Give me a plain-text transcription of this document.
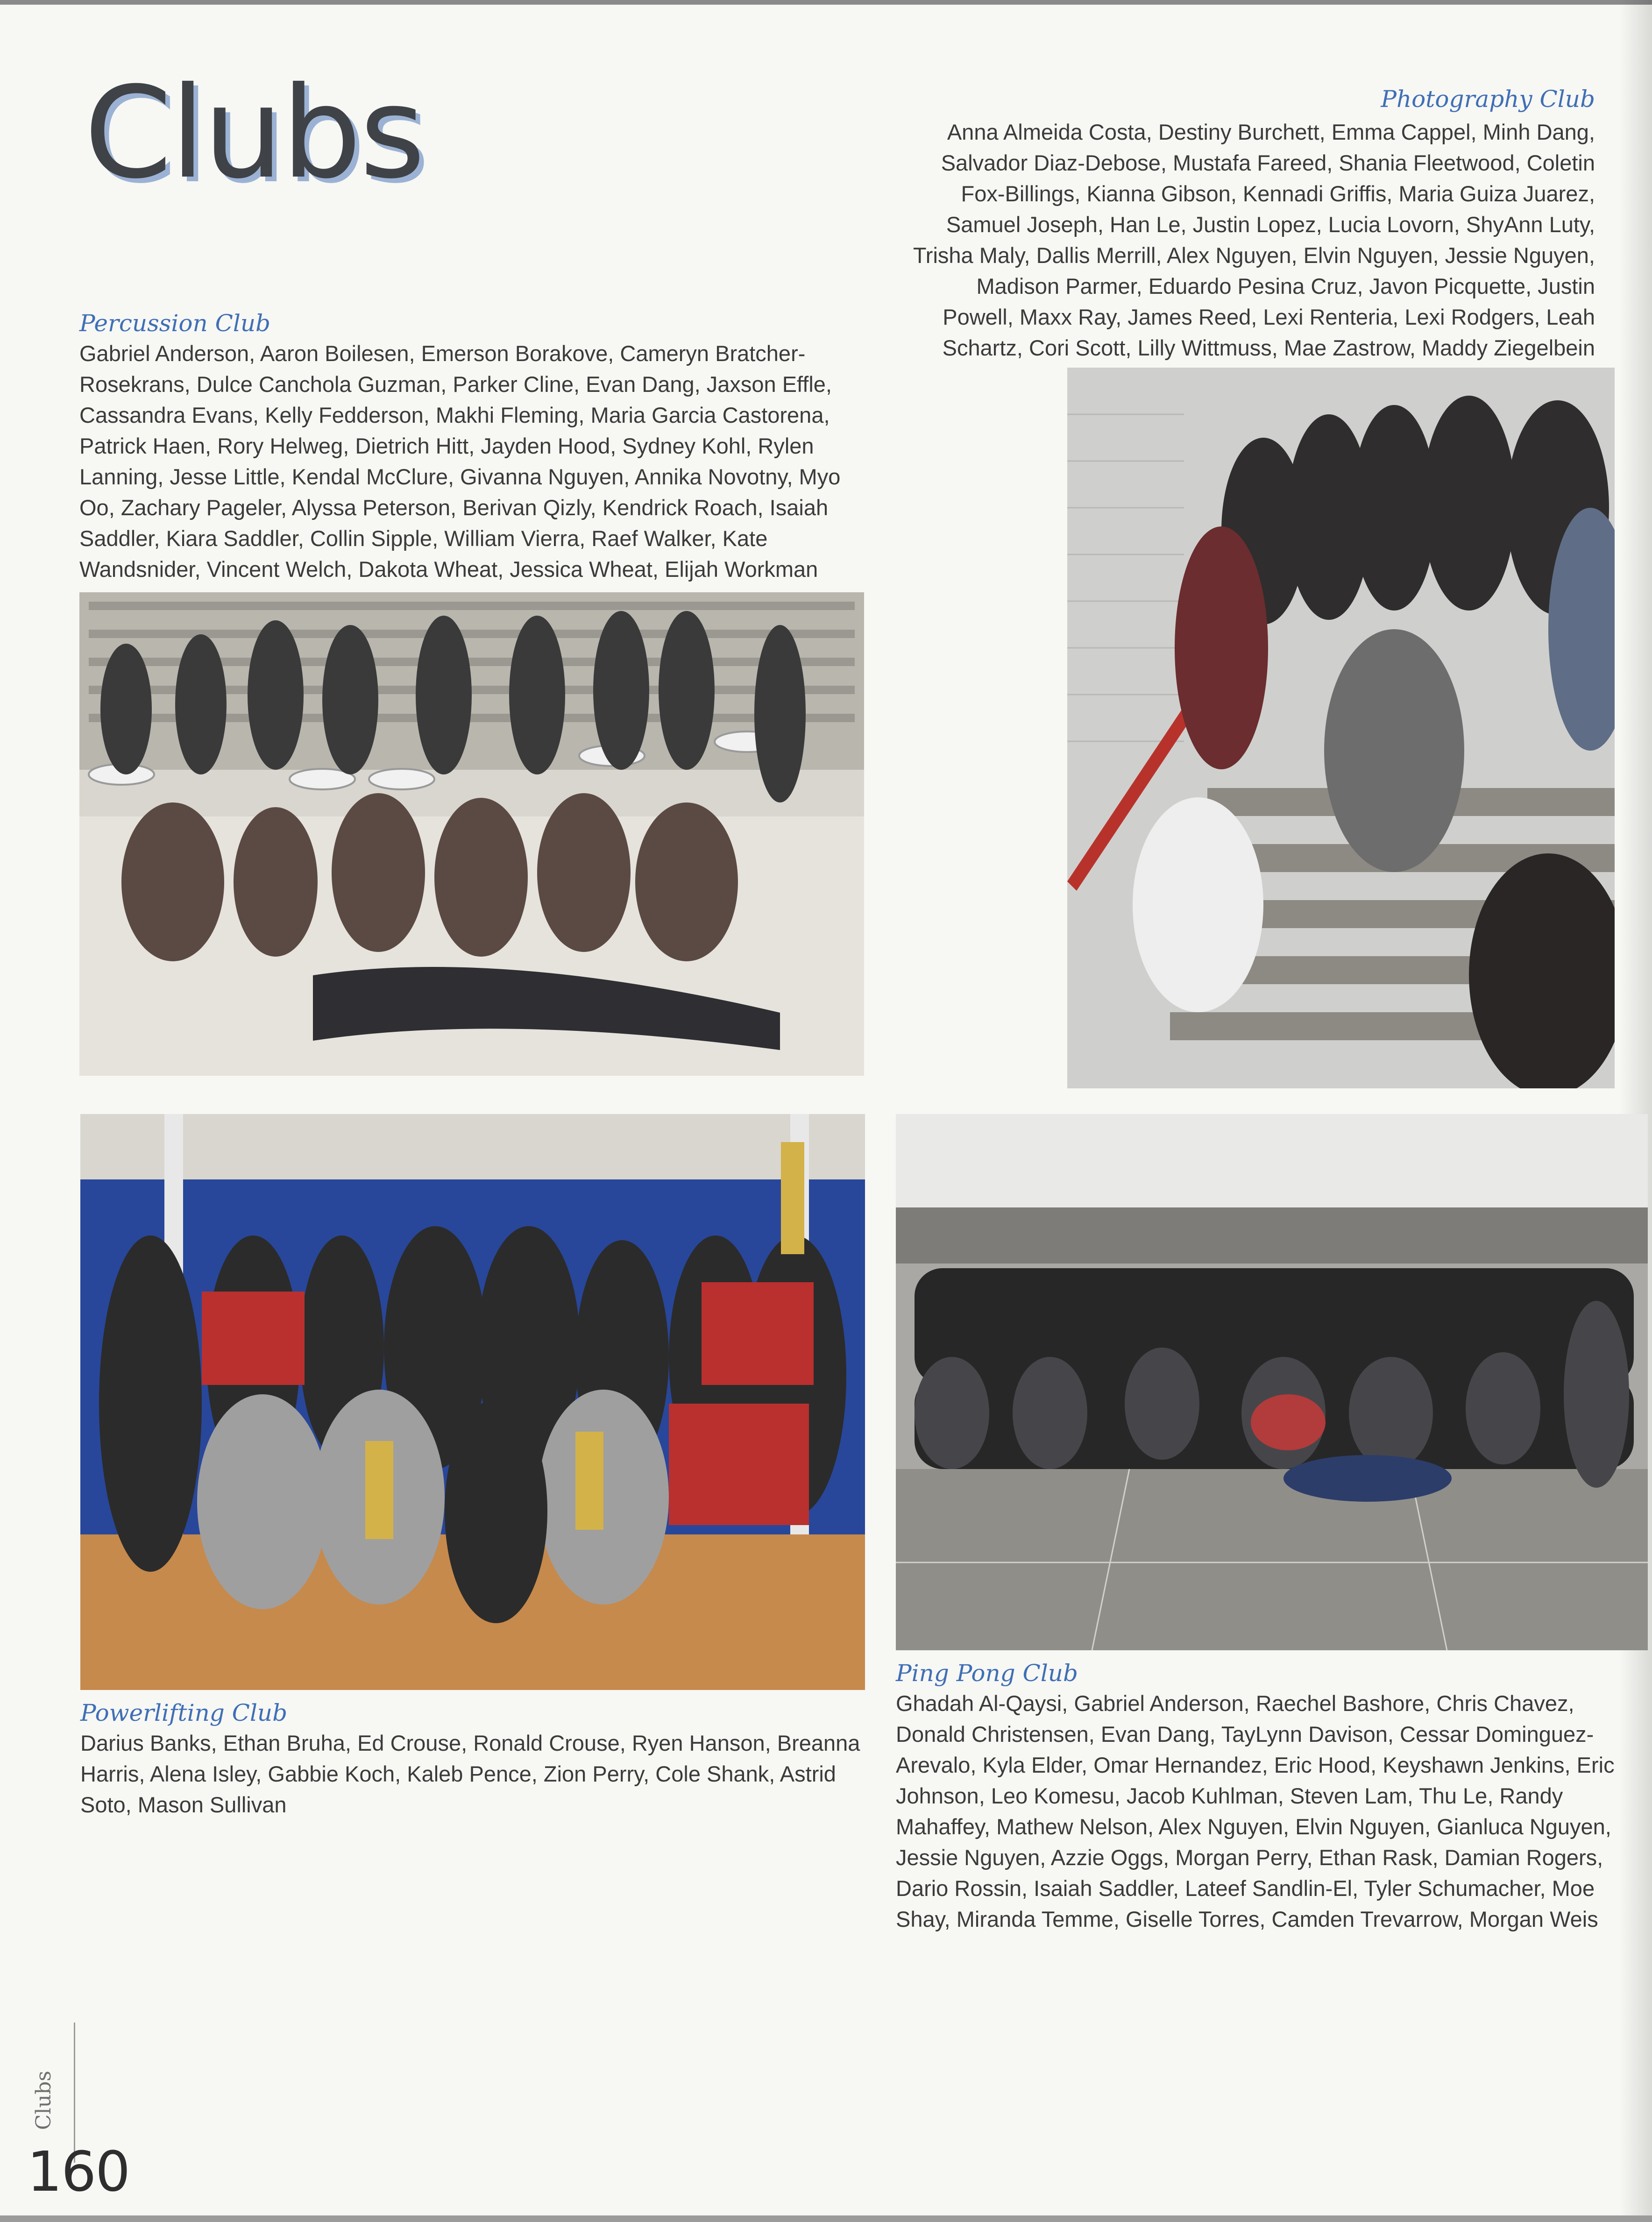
Clubs	Photography Club
Anna Almeida Costa, Destiny Burchett, Emma Cappel, Minh Dang, Salvador Diaz-Debose, Mustafa Fareed, Shania Fleetwood, Coletin Fox-Billings, Kianna Gibson, Kennadi Griffis, Maria Guiza Juarez, Samuel Joseph, Han Le, Justin Lopez, Lucia Lovorn, ShyAnn Luty, Trisha Maly, Dallis Merrill, Alex Nguyen, Elvin Nguyen, Jessie Nguyen, Madison Parmer, Eduardo Pesina Cruz, Javon Picquette, Justin Powell, Maxx Ray, James Reed, Lexi Renteria, Lexi Rodgers, Leah Schartz, Cori Scott, Lilly Wittmuss, Mae Zastrow, Maddy Ziegelbein
Percussion Club
Gabriel Anderson, Aaron Boilesen, Emerson Borakove, Cameryn Bratcher-Rosekrans, Dulce Canchola Guzman, Parker Cline, Evan Dang, Jaxson Effle, Cassandra Evans, Kelly Fedderson, Makhi Fleming, Maria Garcia Castorena, Patrick Haen, Rory Helweg, Dietrich Hitt, Jayden Hood, Sydney Kohl, Rylen Lanning, Jesse Little, Kendal McClure, Givanna Nguyen, Annika Novotny, Myo Oo, Zachary Pageler, Alyssa Peterson, Berivan Qizly, Kendrick Roach, Isaiah Saddler, Kiara Saddler, Collin Sipple, William Vierra, Raef Walker, Kate Wandsnider, Vincent Welch, Dakota Wheat, Jessica Wheat, Elijah Workman
Powerlifting Club
Darius Banks, Ethan Bruha, Ed Crouse, Ronald Crouse, Ryen Hanson, Breanna Harris, Alena Isley, Gabbie Koch, Kaleb Pence, Zion Perry, Cole Shank, Astrid Soto, Mason Sullivan
Ping Pong Club
Ghadah Al-Qaysi, Gabriel Anderson, Raechel Bashore, Chris Chavez, Donald Christensen, Evan Dang, TayLynn Davison, Cessar Dominguez-Arevalo, Kyla Elder, Omar Hernandez, Eric Hood, Keyshawn Jenkins, Eric Johnson, Leo Komesu, Jacob Kuhlman, Steven Lam, Thu Le, Randy Mahaffey, Mathew Nelson, Alex Nguyen, Elvin Nguyen, Gianluca Nguyen, Jessie Nguyen, Azzie Oggs, Morgan Perry, Ethan Rask, Damian Rogers, Dario Rossin, Isaiah Saddler, Lateef Sandlin-El, Tyler Schumacher, Moe Shay, Miranda Temme, Giselle Torres, Camden Trevarrow, Morgan Weis
Clubs
160
